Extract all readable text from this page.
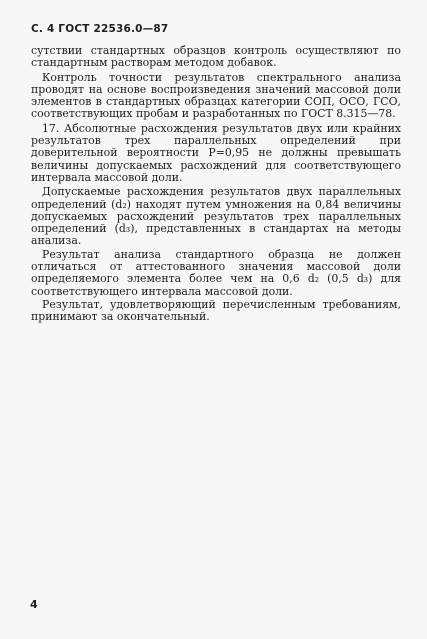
С. 4 ГОСТ 22536.0—87

сутствии стандартных образцов контроль осуществляют по стандартным растворам методом добавок.

Контроль точности результатов спектрального анализа проводят на основе воспроизведения значений массовой доли элементов в стандартных образцах категории СОП, ОСО, ГСО, соответствующих пробам и разработанных по ГОСТ 8.315—78.

17. Абсолютные расхождения результатов двух или крайних результатов трех параллельных определений при доверительной вероятности P=0,95 не должны превышать величины допускаемых расхождений для соответствующего интервала массовой доли.

Допускаемые расхождения результатов двух параллельных определений (d₂) находят путем умножения на 0,84 величины допускаемых расхождений результатов трех параллельных определений (d₃), представленных в стандартах на методы анализа.

Результат анализа стандартного образца не должен отличаться от аттестованного значения массовой доли определяемого элемента более чем на 0,6 d₂ (0,5 d₃) для соответствующего интервала массовой доли.

Результат, удовлетворяющий перечисленным требованиям, принимают за окончательный.

4
